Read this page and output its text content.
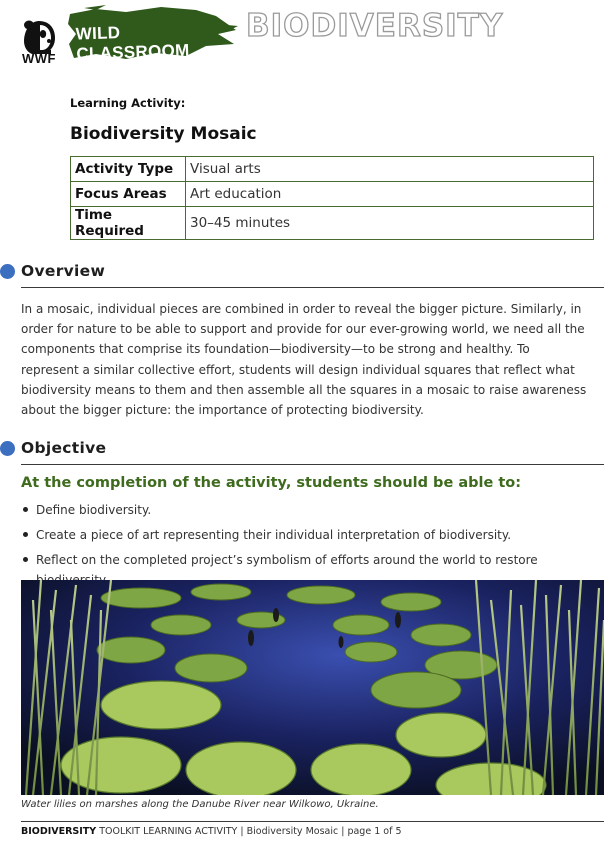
WWF
WILD CLASSROOM
BIODIVERSITY
Learning Activity:
Biodiversity Mosaic
Activity Type	Visual arts
Focus Areas	Art education
Time Required	30–45 minutes
Overview
In a mosaic, individual pieces are combined in order to reveal the bigger picture. Similarly, in order for nature to be able to support and provide for our ever-growing world, we need all the components that comprise its foundation—biodiversity—to be strong and healthy. To represent a similar collective effort, students will design individual squares that reflect what biodiversity means to them and then assemble all the squares in a mosaic to raise awareness about the bigger picture: the importance of protecting biodiversity.
Objective
At the completion of the activity, students should be able to:
Define biodiversity.
Create a piece of art representing their individual interpretation of biodiversity.
Reflect on the completed project’s symbolism of efforts around the world to restore
Water lilies on marshes along the Danube River near Wilkowo, Ukraine.
BIODIVERSITY TOOLKIT LEARNING ACTIVITY | Biodiversity Mosaic | page 1 of 5
